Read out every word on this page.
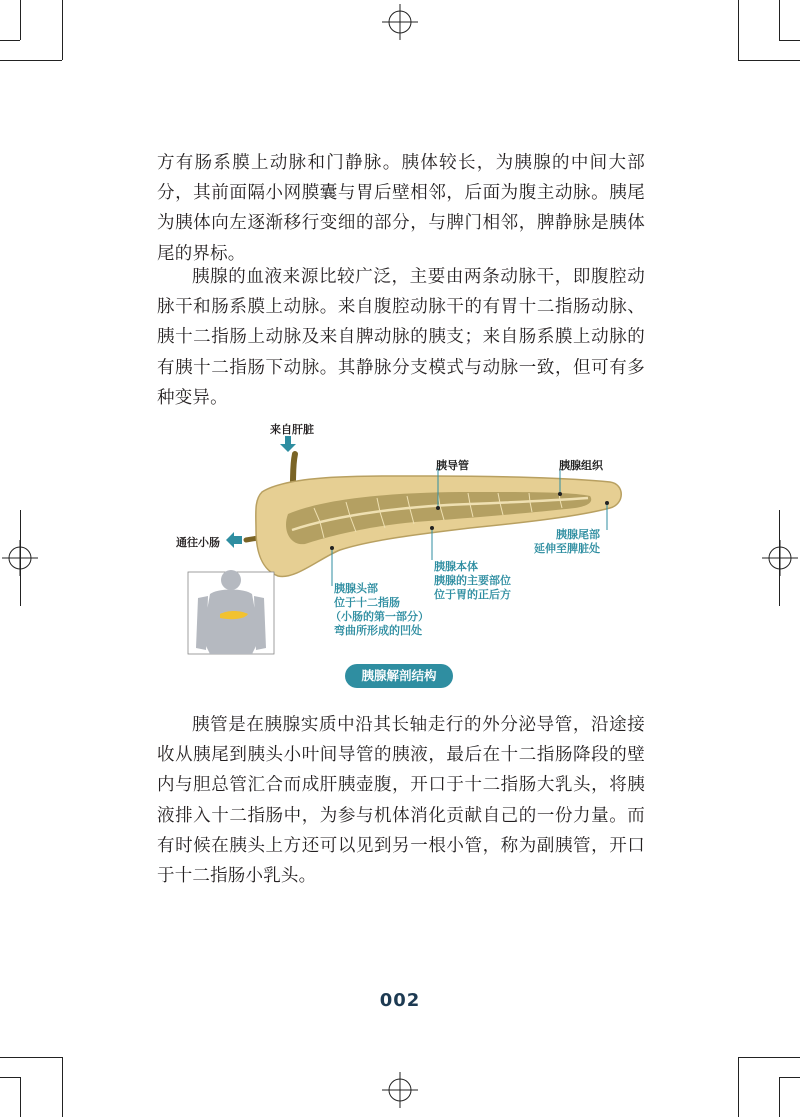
方有肠系膜上动脉和门静脉。胰体较长，为胰腺的中间大部分，其前面隔小网膜囊与胃后壁相邻，后面为腹主动脉。胰尾为胰体向左逐渐移行变细的部分，与脾门相邻，脾静脉是胰体尾的界标。

胰腺的血液来源比较广泛，主要由两条动脉干，即腹腔动脉干和肠系膜上动脉。来自腹腔动脉干的有胃十二指肠动脉、胰十二指肠上动脉及来自脾动脉的胰支；来自肠系膜上动脉的有胰十二指肠下动脉。其静脉分支模式与动脉一致，但可有多种变异。

来自肝脏
通往小肠
胰导管	胰腺组织
胰腺尾部
延伸至脾脏处
胰腺本体
胰腺的主要部位
位于胃的正后方
胰腺头部
位于十二指肠
（小肠的第一部分）
弯曲所形成的凹处
胰腺解剖结构

胰管是在胰腺实质中沿其长轴走行的外分泌导管，沿途接收从胰尾到胰头小叶间导管的胰液，最后在十二指肠降段的壁内与胆总管汇合而成肝胰壶腹，开口于十二指肠大乳头，将胰液排入十二指肠中，为参与机体消化贡献自己的一份力量。而有时候在胰头上方还可以见到另一根小管，称为副胰管，开口于十二指肠小乳头。

002
